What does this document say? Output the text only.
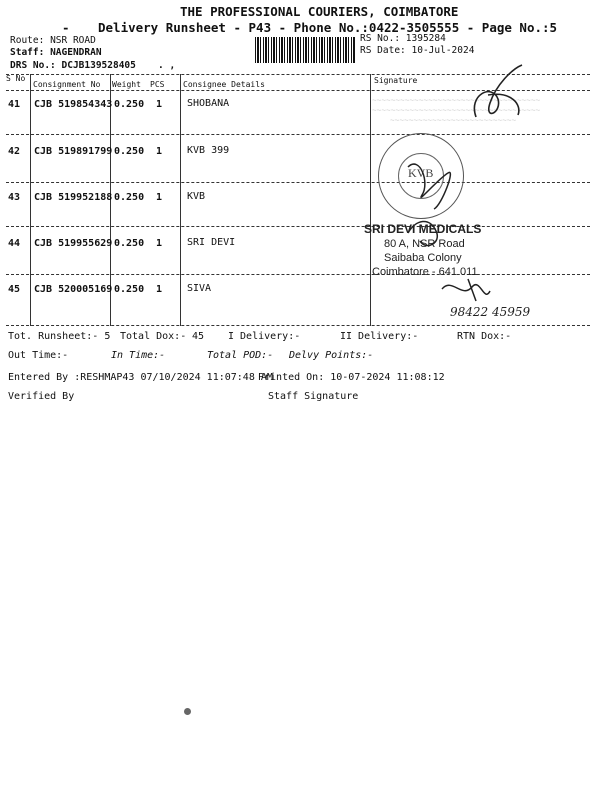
THE PROFESSIONAL COURIERS, COIMBATORE
- Delivery Runsheet - P43 - Phone No.:0422-3505555 - Page No.:5
Route: NSR ROAD
Staff: NAGENDRAN
DRS No.: DCJB139528405 . ,
RS No.: 1395284
RS Date: 10-Jul-2024
S No
Consignment No Weight PCS Consignee Details	Signature
41 CJB 519854343 0.250 1 SHOBANA
42 CJB 519891799 0.250 1 KVB 399
43 CJB 519952188 0.250 1 KVB
44 CJB 519955629 0.250 1 SRI DEVI
45 CJB 520005169 0.250 1 SIVA
~~~~~~~~~~~~~~~~~~~~~~~~~~~~~~~~~~~~
~~~~~~~~~~~~~~~~~~~~~~~~~~~~~~~~~~~~
~~~~~~~~~~~~~~~~~~~~~~~~~~~
KVB
SRI DEVI MEDICALS
80 A, NSR Road
Saibaba Colony
Coimbatore - 641 011
98422 45959
Tot. Runsheet:- 5 Total Dox:- 45 I Delivery:-	II Delivery:-	RTN Dox:-
Out Time:-	In Time:-	Total POD:- Delvy Points:-
Entered By :RESHMAP43 07/10/2024 11:07:48 AM
Printed On: 10-07-2024 11:08:12
Verified By	Staff Signature
